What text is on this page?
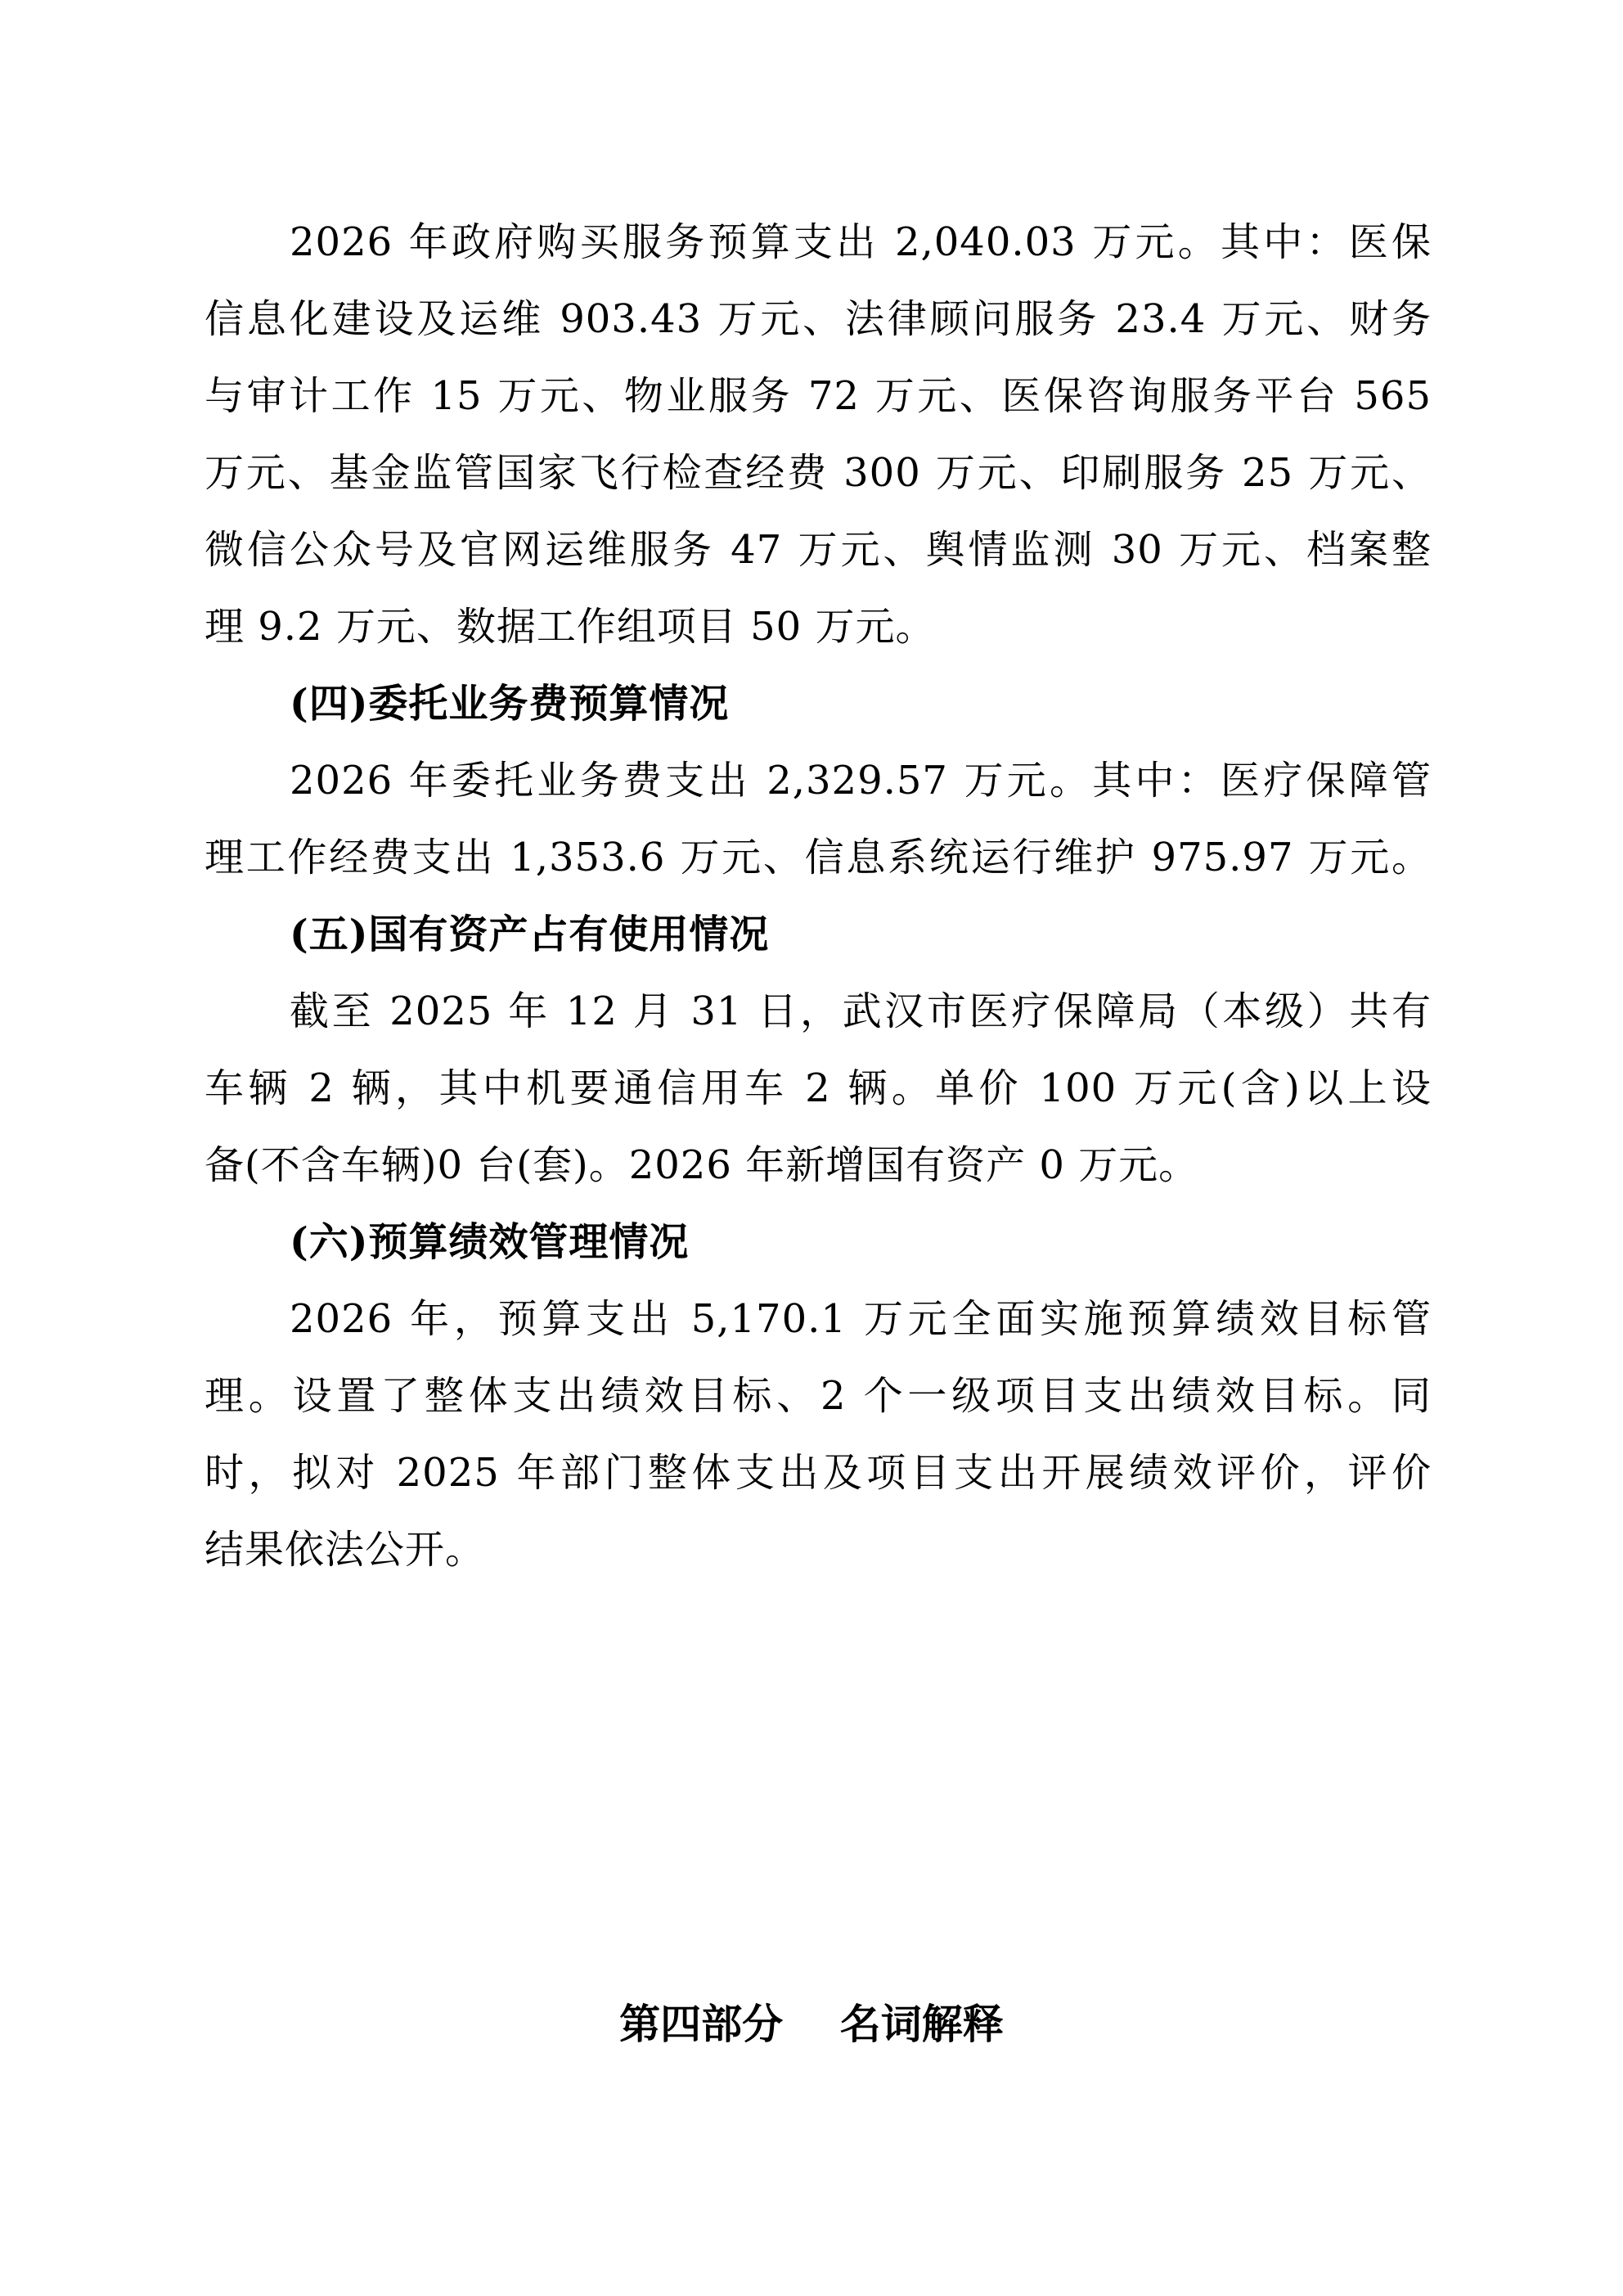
2026 年政府购买服务预算支出 2,040.03 万元。其中：医保
信息化建设及运维 903.43 万元、法律顾问服务 23.4 万元、财务
与审计工作 15 万元、物业服务 72 万元、医保咨询服务平台 565
万元、基金监管国家飞行检查经费 300 万元、印刷服务 25 万元、
微信公众号及官网运维服务 47 万元、舆情监测 30 万元、档案整
理 9.2 万元、数据工作组项目 50 万元。
(四)委托业务费预算情况
2026 年委托业务费支出 2,329.57 万元。其中：医疗保障管
理工作经费支出 1,353.6 万元、信息系统运行维护 975.97 万元。
(五)国有资产占有使用情况
截至 2025 年 12 月 31 日，武汉市医疗保障局（本级）共有
车辆 2 辆，其中机要通信用车 2 辆。单价 100 万元(含)以上设
备(不含车辆)0 台(套)。2026 年新增国有资产 0 万元。
(六)预算绩效管理情况
2026 年，预算支出 5,170.1 万元全面实施预算绩效目标管
理。设置了整体支出绩效目标、2 个一级项目支出绩效目标。同
时，拟对 2025 年部门整体支出及项目支出开展绩效评价，评价
结果依法公开。
第四部分    名词解释
